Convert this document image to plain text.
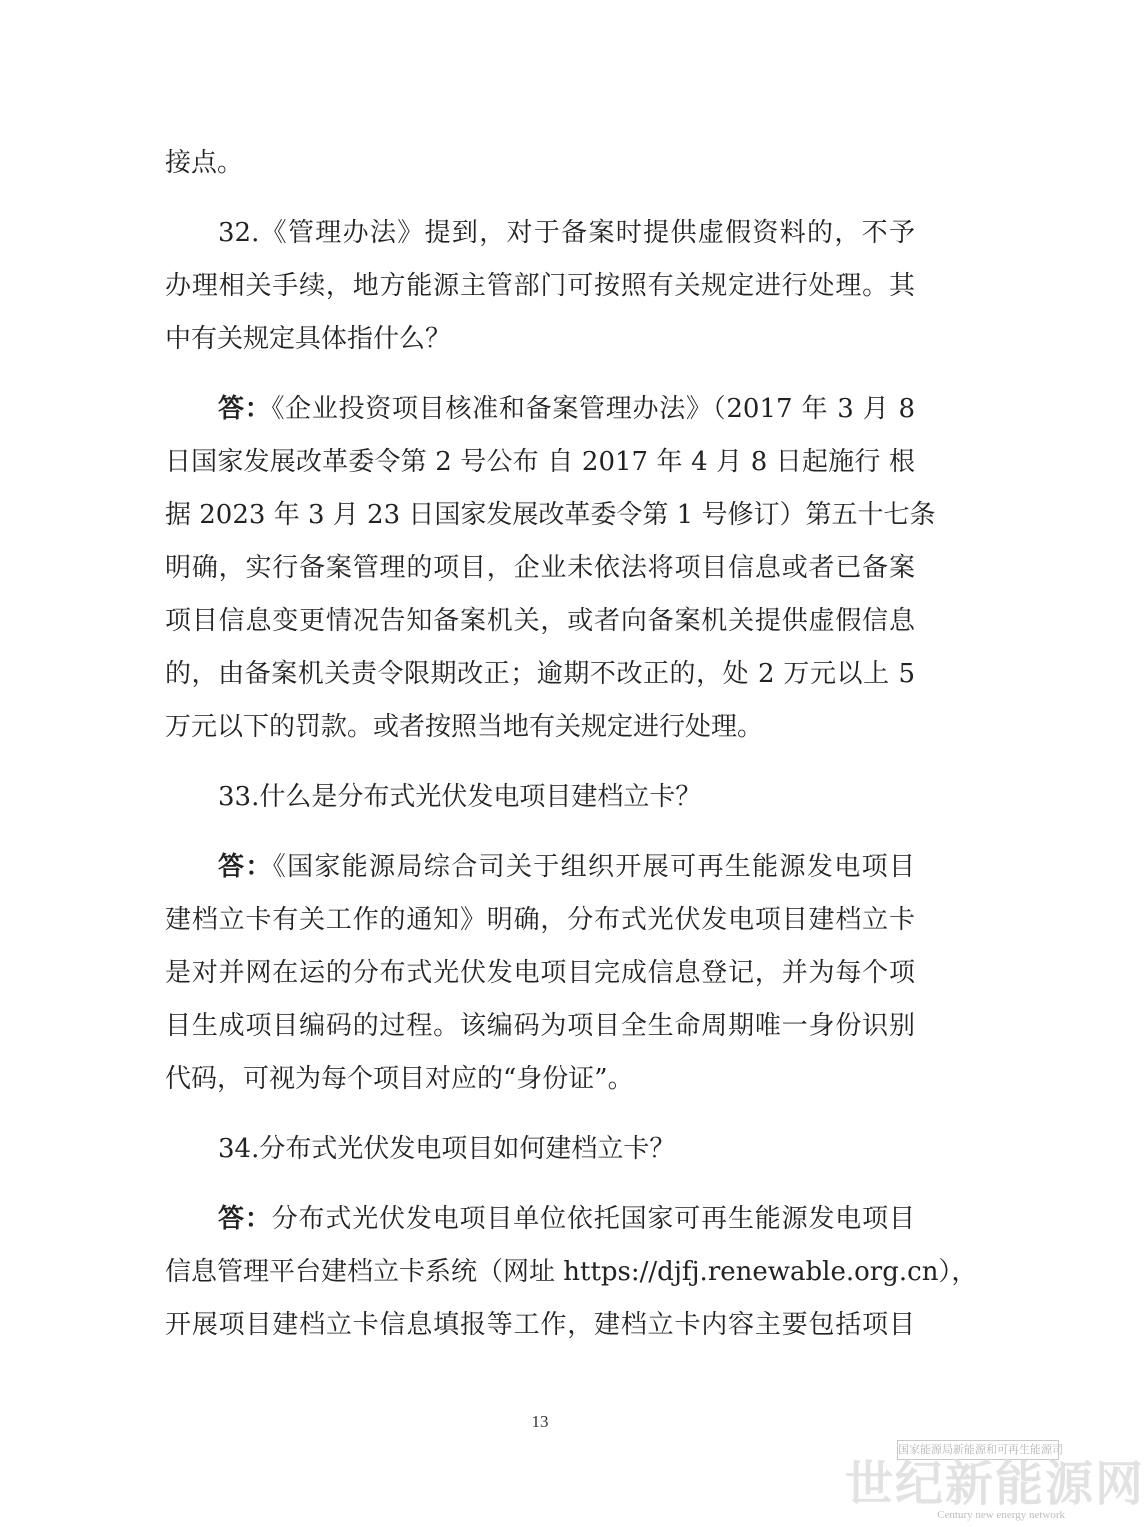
接点。
32.《管理办法》提到，对于备案时提供虚假资料的，不予
办理相关手续，地方能源主管部门可按照有关规定进行处理。其
中有关规定具体指什么？
答：《企业投资项目核准和备案管理办法》（2017 年 3 月 8
日国家发展改革委令第 2 号公布 自 2017 年 4 月 8 日起施行 根
据 2023 年 3 月 23 日国家发展改革委令第 1 号修订）第五十七条
明确，实行备案管理的项目，企业未依法将项目信息或者已备案
项目信息变更情况告知备案机关，或者向备案机关提供虚假信息
的，由备案机关责令限期改正；逾期不改正的，处 2 万元以上 5
万元以下的罚款。或者按照当地有关规定进行处理。
33.什么是分布式光伏发电项目建档立卡？
答：《国家能源局综合司关于组织开展可再生能源发电项目
建档立卡有关工作的通知》明确，分布式光伏发电项目建档立卡
是对并网在运的分布式光伏发电项目完成信息登记，并为每个项
目生成项目编码的过程。该编码为项目全生命周期唯一身份识别
代码，可视为每个项目对应的“身份证”。
34.分布式光伏发电项目如何建档立卡？
答：分布式光伏发电项目单位依托国家可再生能源发电项目
信息管理平台建档立卡系统（网址 https://djfj.renewable.org.cn），
开展项目建档立卡信息填报等工作，建档立卡内容主要包括项目
13
国家能源局新能源和可再生能源司
世纪新能源网
Century new energy network
